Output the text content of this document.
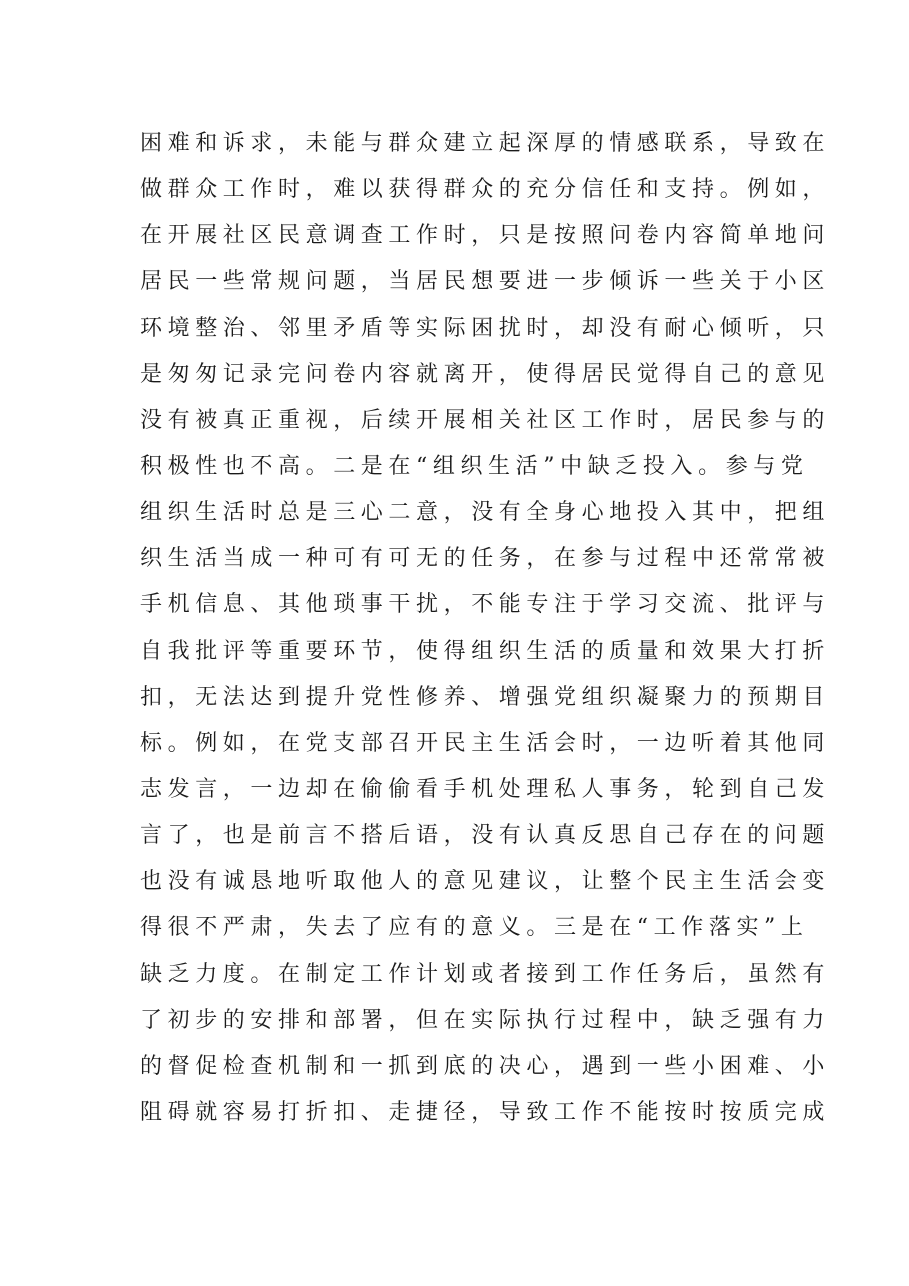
困难和诉求，未能与群众建立起深厚的情感联系，导致在
做群众工作时，难以获得群众的充分信任和支持。例如，
在开展社区民意调查工作时，只是按照问卷内容简单地问
居民一些常规问题，当居民想要进一步倾诉一些关于小区
环境整治、邻里矛盾等实际困扰时，却没有耐心倾听，只
是匆匆记录完问卷内容就离开，使得居民觉得自己的意见
没有被真正重视，后续开展相关社区工作时，居民参与的
积极性也不高。二是在“组织生活”中缺乏投入。参与党
组织生活时总是三心二意，没有全身心地投入其中，把组
织生活当成一种可有可无的任务，在参与过程中还常常被
手机信息、其他琐事干扰，不能专注于学习交流、批评与
自我批评等重要环节，使得组织生活的质量和效果大打折
扣，无法达到提升党性修养、增强党组织凝聚力的预期目
标。例如，在党支部召开民主生活会时，一边听着其他同
志发言，一边却在偷偷看手机处理私人事务，轮到自己发
言了，也是前言不搭后语，没有认真反思自己存在的问题
也没有诚恳地听取他人的意见建议，让整个民主生活会变
得很不严肃，失去了应有的意义。三是在“工作落实”上
缺乏力度。在制定工作计划或者接到工作任务后，虽然有
了初步的安排和部署，但在实际执行过程中，缺乏强有力
的督促检查机制和一抓到底的决心，遇到一些小困难、小
阻碍就容易打折扣、走捷径，导致工作不能按时按质完成
